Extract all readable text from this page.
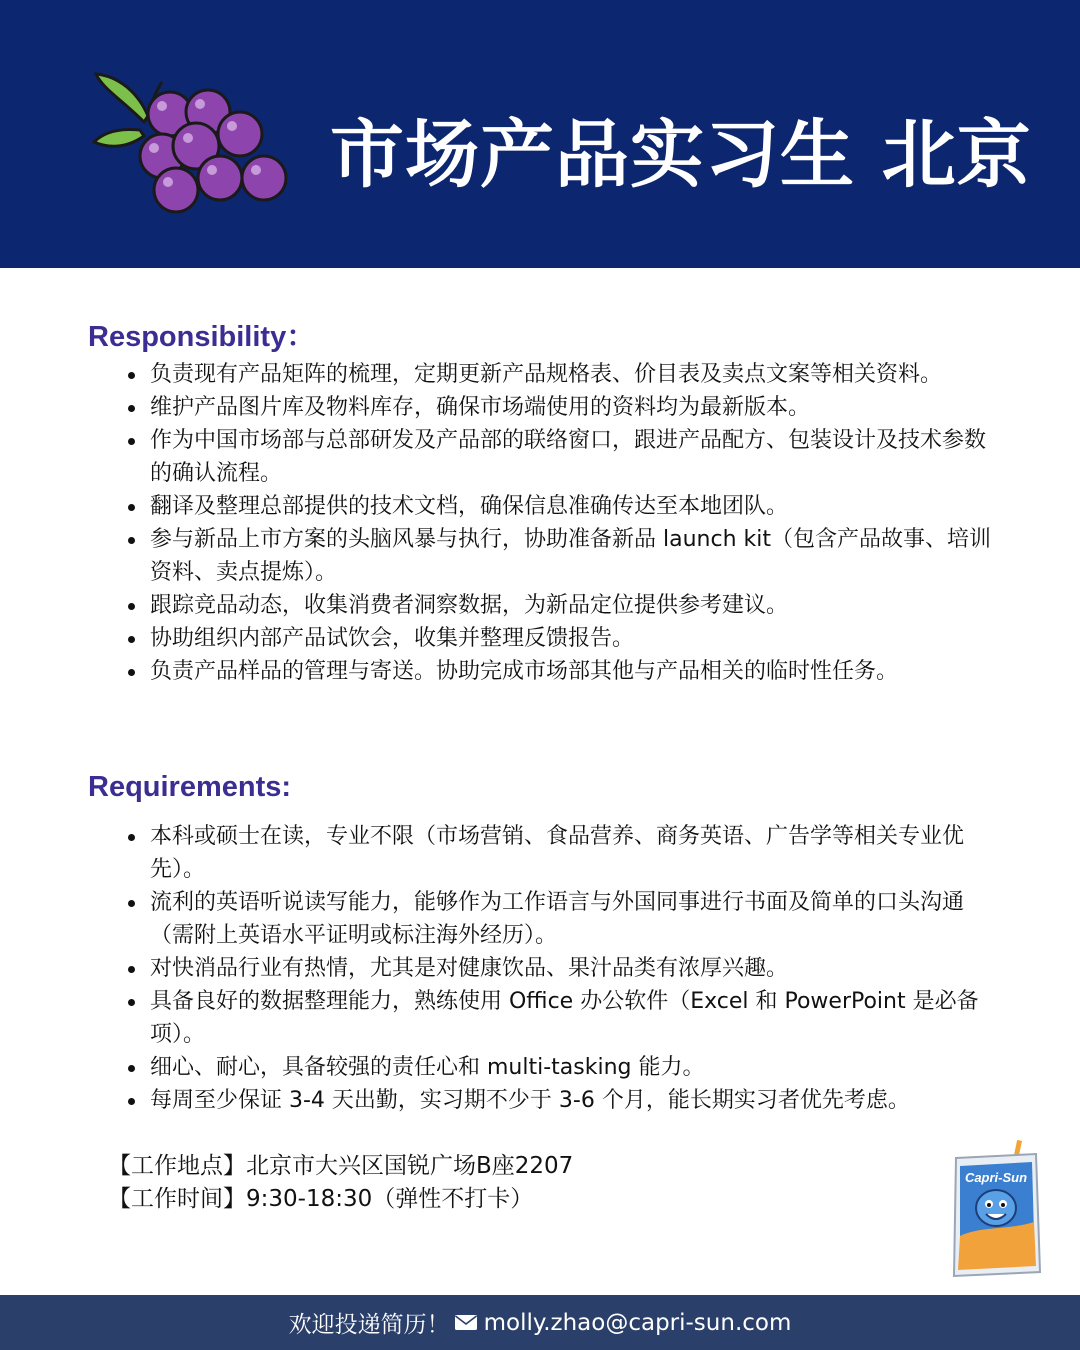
市场产品实习生 北京
Responsibility：
负责现有产品矩阵的梳理，定期更新产品规格表、价目表及卖点文案等相关资料。
维护产品图片库及物料库存，确保市场端使用的资料均为最新版本。
作为中国市场部与总部研发及产品部的联络窗口，跟进产品配方、包装设计及技术参数的确认流程。
翻译及整理总部提供的技术文档，确保信息准确传达至本地团队。
参与新品上市方案的头脑风暴与执行，协助准备新品 launch kit（包含产品故事、培训资料、卖点提炼）。
跟踪竞品动态，收集消费者洞察数据，为新品定位提供参考建议。
协助组织内部产品试饮会，收集并整理反馈报告。
负责产品样品的管理与寄送。协助完成市场部其他与产品相关的临时性任务。
Requirements:
本科或硕士在读，专业不限（市场营销、食品营养、商务英语、广告学等相关专业优先）。
流利的英语听说读写能力，能够作为工作语言与外国同事进行书面及简单的口头沟通（需附上英语水平证明或标注海外经历）。
对快消品行业有热情，尤其是对健康饮品、果汁品类有浓厚兴趣。
具备良好的数据整理能力，熟练使用 Office 办公软件（Excel 和 PowerPoint 是必备项）。
细心、耐心，具备较强的责任心和 multi-tasking 能力。
每周至少保证 3-4 天出勤，实习期不少于 3-6 个月，能长期实习者优先考虑。
【工作地点】北京市大兴区国锐广场B座2207
【工作时间】9:30-18:30（弹性不打卡）
Capri-Sun
欢迎投递简历！ molly.zhao@capri-sun.com
